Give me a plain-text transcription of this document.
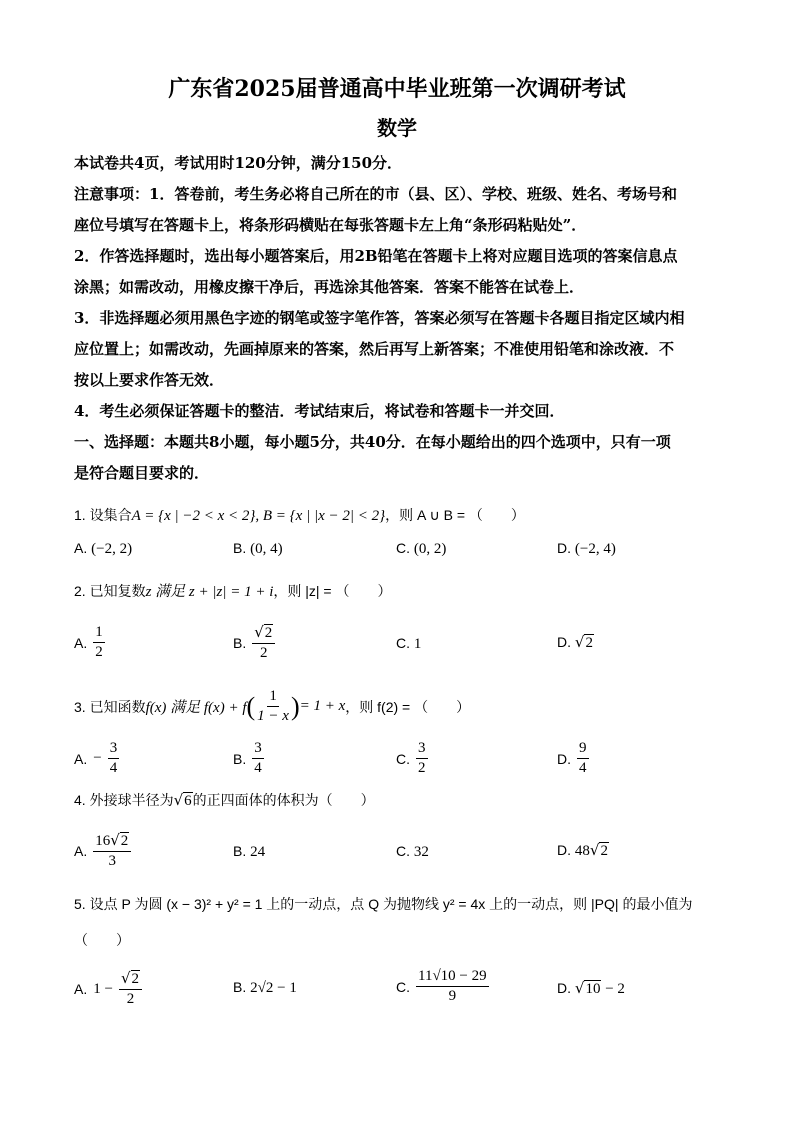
广东省2025届普通高中毕业班第一次调研考试
数学
本试卷共4页，考试用时120分钟，满分150分．
注意事项：1．答卷前，考生务必将自己所在的市（县、区）、学校、班级、姓名、考场号和
座位号填写在答题卡上，将条形码横贴在每张答题卡左上角“条形码粘贴处”．
2．作答选择题时，选出每小题答案后，用2B铅笔在答题卡上将对应题目选项的答案信息点
涂黑；如需改动，用橡皮擦干净后，再选涂其他答案．答案不能答在试卷上．
3．非选择题必须用黑色字迹的钢笔或签字笔作答，答案必须写在答题卡各题目指定区域内相
应位置上；如需改动，先画掉原来的答案，然后再写上新答案；不准使用铅笔和涂改液．不
按以上要求作答无效．
4．考生必须保证答题卡的整洁．考试结束后，将试卷和答题卡一并交回．
一、选择题：本题共8小题，每小题5分，共40分．在每小题给出的四个选项中，只有一项
是符合题目要求的．
1. 设集合A = {x | −2 < x < 2}, B = {x | |x − 2| < 2}，则 A ∪ B = （　　）
A. (−2, 2)	B. (0, 4)	C. (0, 2)	D. (−2, 4)
2. 已知复数z 满足 z + |z| = 1 + i，则 |z| = （　　）
A. $\frac{1}{2}$	B. $\frac{√2}{2}$	C. 1	D. √2
3.
已知函数 f(x) 满足 f(x) + f ( $\frac{1}{1 - x}$ ) = 1 + x ，则 f(2) = （　　）
A. − $\frac{3}{4}$	B. $\frac{3}{4}$	C. $\frac{3}{2}$	D. $\frac{9}{4}$
4. 外接球半径为√6的正四面体的体积为（　　）
A. $\frac{16√2}{3}$	B. 24	C. 32	D. 48√2
5. 设点 P 为圆 (x − 3)² + y² = 1 上的一动点，点 Q 为抛物线 y² = 4x 上的一动点，则 |PQ| 的最小值为
（　　）
A. $1 - \frac{√2}{2}$	B. 2√2 − 1	C. $\frac{11√10 - 29}{9}$	D. √10 − 2
